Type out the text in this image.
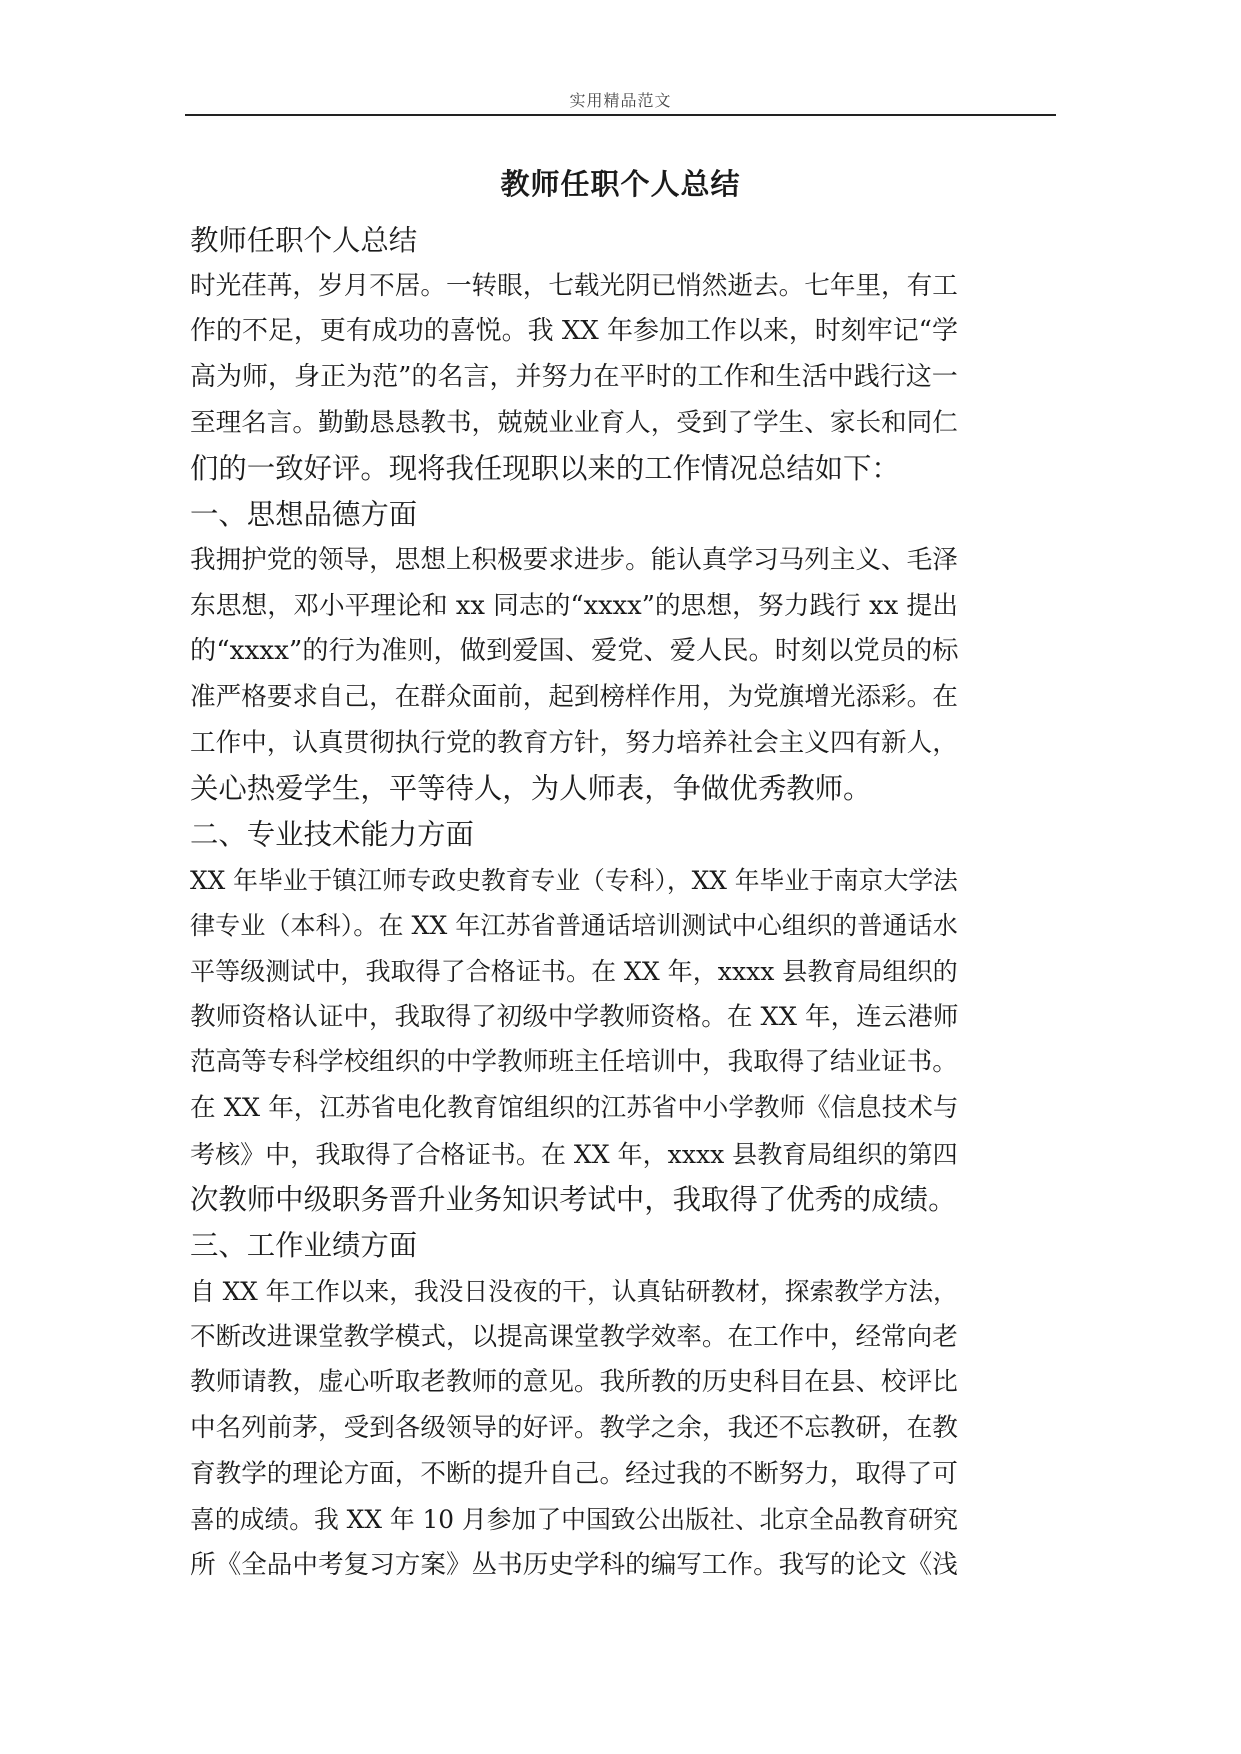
实用精品范文
教师任职个人总结
教师任职个人总结
时光荏苒，岁月不居。一转眼，七载光阴已悄然逝去。七年里，有工
作的不足，更有成功的喜悦。我 XX 年参加工作以来，时刻牢记“学
高为师，身正为范”的名言，并努力在平时的工作和生活中践行这一
至理名言。勤勤恳恳教书，兢兢业业育人，受到了学生、家长和同仁
们的一致好评。现将我任现职以来的工作情况总结如下：
一、思想品德方面
我拥护党的领导，思想上积极要求进步。能认真学习马列主义、毛泽
东思想，邓小平理论和 xx 同志的“xxxx”的思想，努力践行 xx 提出
的“xxxx”的行为准则，做到爱国、爱党、爱人民。时刻以党员的标
准严格要求自己，在群众面前，起到榜样作用，为党旗增光添彩。在
工作中，认真贯彻执行党的教育方针，努力培养社会主义四有新人，
关心热爱学生，平等待人，为人师表，争做优秀教师。
二、专业技术能力方面
XX 年毕业于镇江师专政史教育专业（专科），XX 年毕业于南京大学法
律专业（本科）。在 XX 年江苏省普通话培训测试中心组织的普通话水
平等级测试中，我取得了合格证书。在 XX 年，xxxx 县教育局组织的
教师资格认证中，我取得了初级中学教师资格。在 XX 年，连云港师
范高等专科学校组织的中学教师班主任培训中，我取得了结业证书。
在 XX 年，江苏省电化教育馆组织的江苏省中小学教师《信息技术与
考核》中，我取得了合格证书。在 XX 年，xxxx 县教育局组织的第四
次教师中级职务晋升业务知识考试中，我取得了优秀的成绩。
三、工作业绩方面
自 XX 年工作以来，我没日没夜的干，认真钻研教材，探索教学方法，
不断改进课堂教学模式，以提高课堂教学效率。在工作中，经常向老
教师请教，虚心听取老教师的意见。我所教的历史科目在县、校评比
中名列前茅，受到各级领导的好评。教学之余，我还不忘教研，在教
育教学的理论方面，不断的提升自己。经过我的不断努力，取得了可
喜的成绩。我 XX 年 10 月参加了中国致公出版社、北京全品教育研究
所《全品中考复习方案》丛书历史学科的编写工作。我写的论文《浅
